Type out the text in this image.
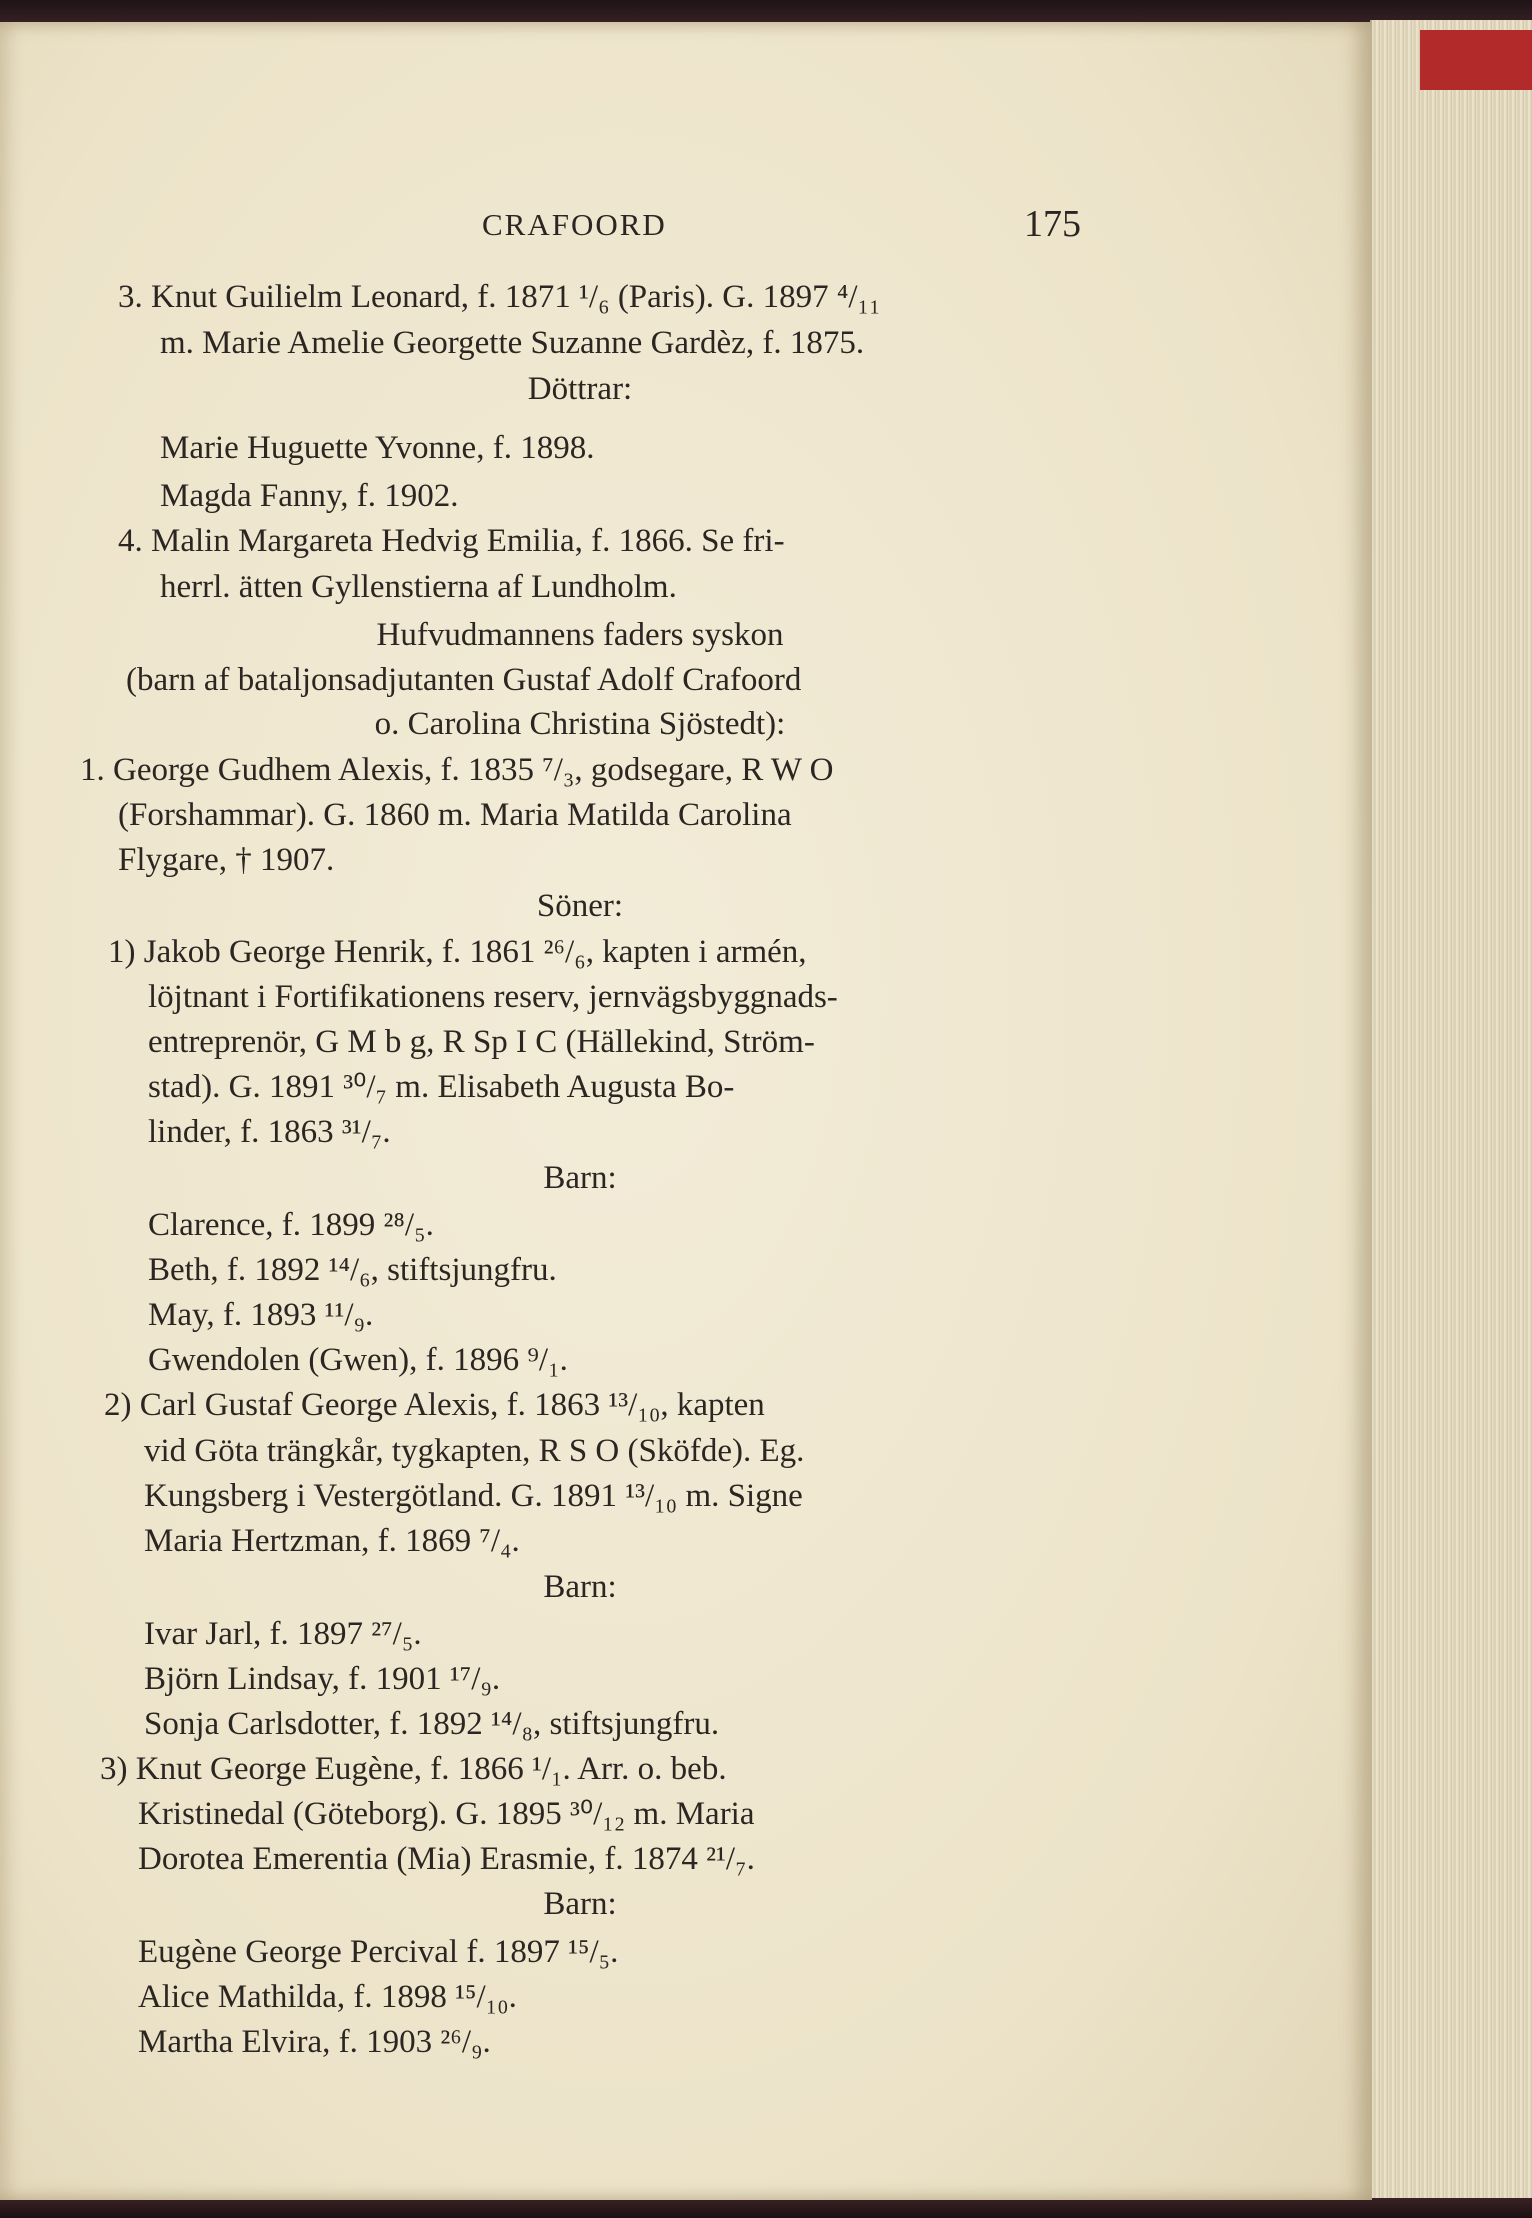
CRAFOORD	175
3. Knut Guilielm Leonard, f. 1871 ¹/₆ (Paris). G. 1897 ⁴/₁₁
m. Marie Amelie Georgette Suzanne Gardèz, f. 1875.
Döttrar:
Marie Huguette Yvonne, f. 1898.
Magda Fanny, f. 1902.
4. Malin Margareta Hedvig Emilia, f. 1866. Se fri-
herrl. ätten Gyllenstierna af Lundholm.
Hufvudmannens faders syskon
(barn af bataljonsadjutanten Gustaf Adolf Crafoord
o. Carolina Christina Sjöstedt):
1. George Gudhem Alexis, f. 1835 ⁷/₃, godsegare, R W O
(Forshammar). G. 1860 m. Maria Matilda Carolina
Flygare, † 1907.
Söner:
1) Jakob George Henrik, f. 1861 ²⁶/₆, kapten i armén,
löjtnant i Fortifikationens reserv, jernvägsbyggnads-
entreprenör, G M b g, R Sp I C (Hällekind, Ström-
stad). G. 1891 ³⁰/₇ m. Elisabeth Augusta Bo-
linder, f. 1863 ³¹/₇.
Barn:
Clarence, f. 1899 ²⁸/₅.
Beth, f. 1892 ¹⁴/₆, stiftsjungfru.
May, f. 1893 ¹¹/₉.
Gwendolen (Gwen), f. 1896 ⁹/₁.
2) Carl Gustaf George Alexis, f. 1863 ¹³/₁₀, kapten
vid Göta trängkår, tygkapten, R S O (Sköfde). Eg.
Kungsberg i Vestergötland. G. 1891 ¹³/₁₀ m. Signe
Maria Hertzman, f. 1869 ⁷/₄.
Barn:
Ivar Jarl, f. 1897 ²⁷/₅.
Björn Lindsay, f. 1901 ¹⁷/₉.
Sonja Carlsdotter, f. 1892 ¹⁴/₈, stiftsjungfru.
3) Knut George Eugène, f. 1866 ¹/₁. Arr. o. beb.
Kristinedal (Göteborg). G. 1895 ³⁰/₁₂ m. Maria
Dorotea Emerentia (Mia) Erasmie, f. 1874 ²¹/₇.
Barn:
Eugène George Percival f. 1897 ¹⁵/₅.
Alice Mathilda, f. 1898 ¹⁵/₁₀.
Martha Elvira, f. 1903 ²⁶/₉.
